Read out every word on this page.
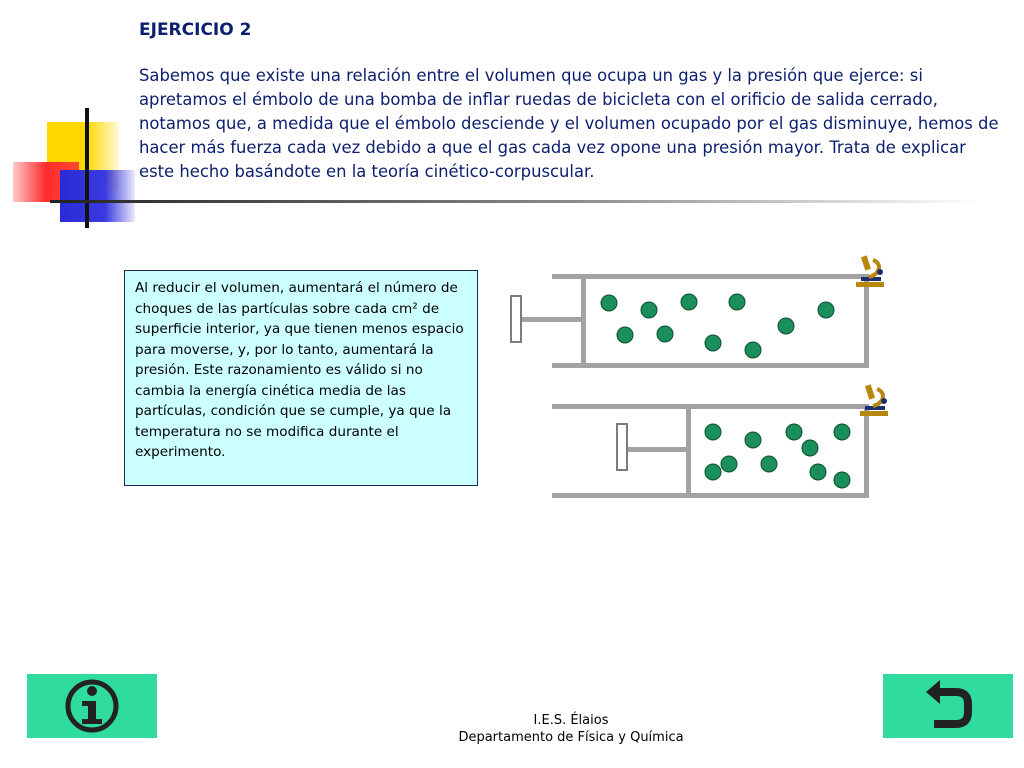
EJERCICIO 2
Sabemos que existe una relación entre el volumen que ocupa un gas y la presión que ejerce: si apretamos el émbolo de una bomba de inflar ruedas de bicicleta con el orificio de salida cerrado, notamos que, a medida que el émbolo desciende y el volumen ocupado por el gas disminuye, hemos de hacer más fuerza cada vez debido a que el gas cada vez opone una presión mayor. Trata de explicar este hecho basándote en la teoría cinético-corpuscular.
Al reducir el volumen, aumentará el número de choques de las partículas sobre cada cm² de superficie interior, ya que tienen menos espacio para moverse, y, por lo tanto, aumentará la presión. Este razonamiento es válido si no cambia la energía cinética media de las partículas, condición que se cumple, ya que la temperatura no se modifica durante el experimento.
I.E.S. Élaios
Departamento de Física y Química
